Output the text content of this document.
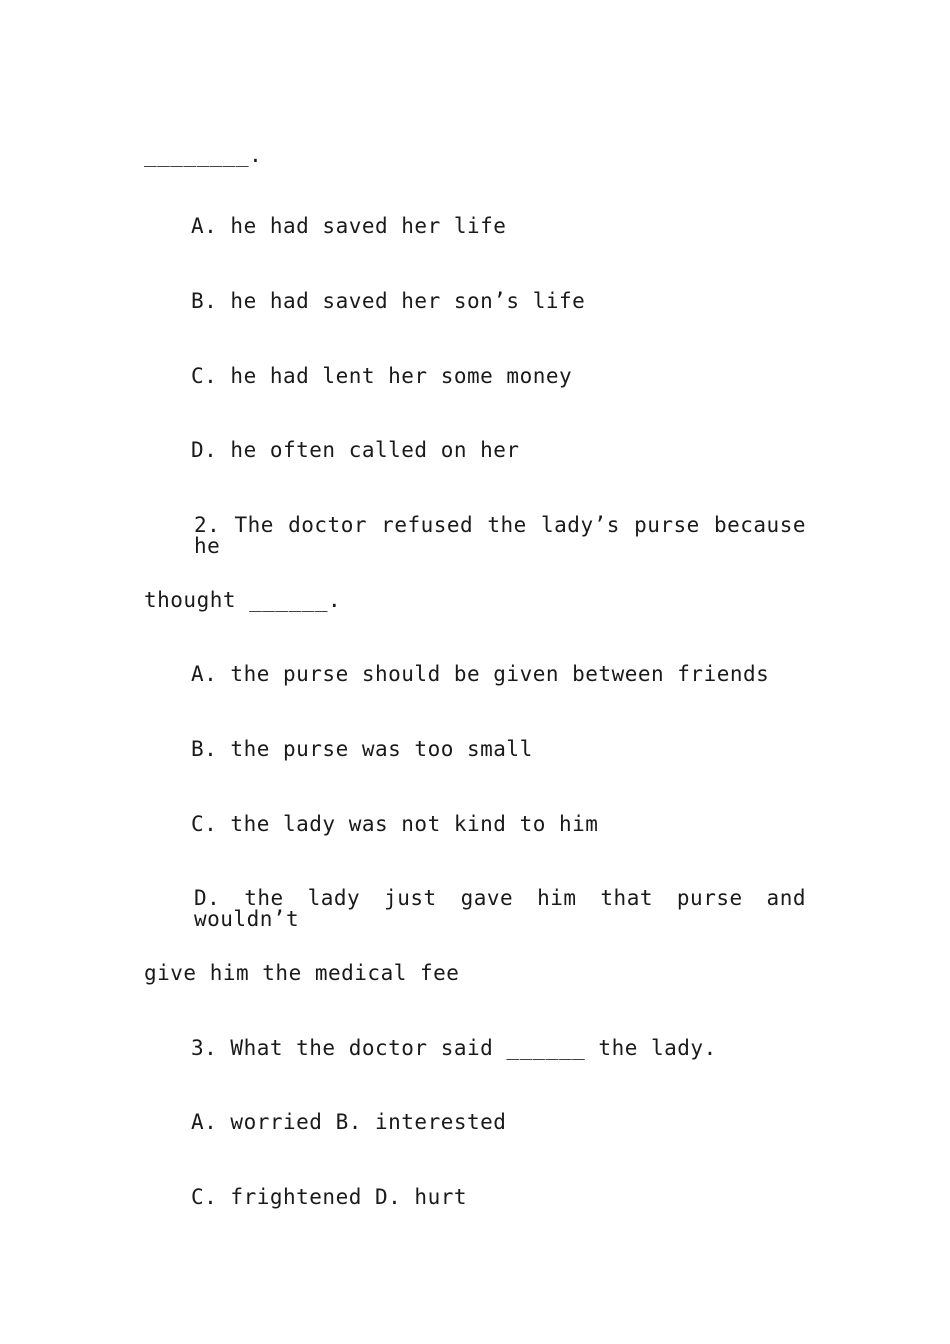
________.
A. he had saved her life
B. he had saved her son’s life
C. he had lent her some money
D. he often called on her
2. The doctor refused the lady’s purse because he
thought ______.
A. the purse should be given between friends
B. the purse was too small
C. the lady was not kind to him
D. the lady just gave him that purse and wouldn’t
give him the medical fee
3. What the doctor said ______ the lady.
A. worried B. interested
C. frightened D. hurt
